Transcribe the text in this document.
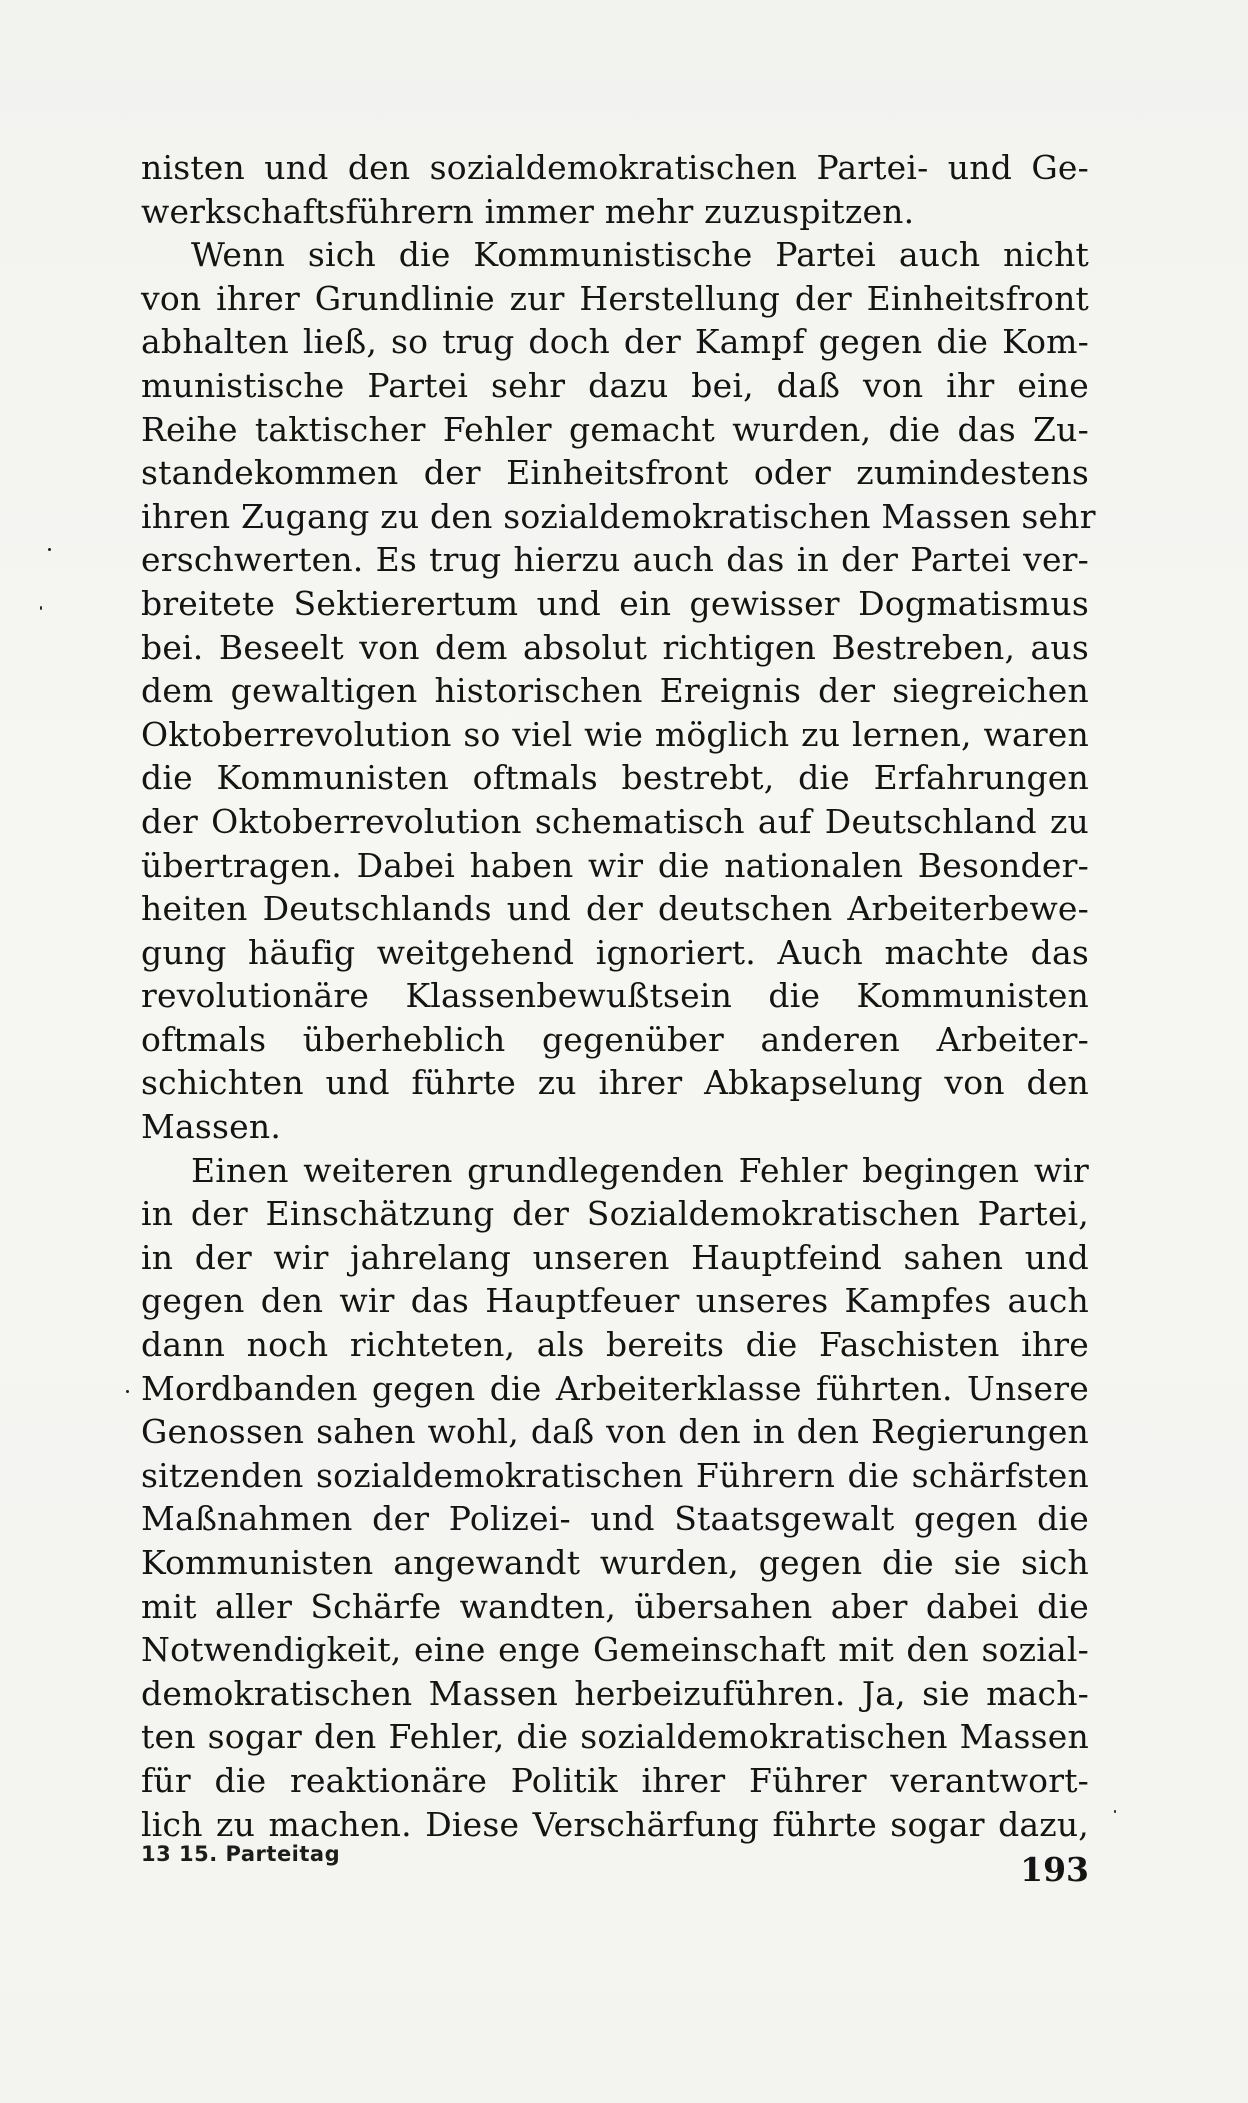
nisten und den sozialdemokratischen Partei- und Ge-
werkschaftsführern immer mehr zuzuspitzen.

Wenn sich die Kommunistische Partei auch nicht
von ihrer Grundlinie zur Herstellung der Einheitsfront
abhalten ließ, so trug doch der Kampf gegen die Kom-
munistische Partei sehr dazu bei, daß von ihr eine
Reihe taktischer Fehler gemacht wurden, die das Zu-
standekommen der Einheitsfront oder zumindestens
ihren Zugang zu den sozialdemokratischen Massen sehr
erschwerten. Es trug hierzu auch das in der Partei ver-
breitete Sektierertum und ein gewisser Dogmatismus
bei. Beseelt von dem absolut richtigen Bestreben, aus
dem gewaltigen historischen Ereignis der siegreichen
Oktoberrevolution so viel wie möglich zu lernen, waren
die Kommunisten oftmals bestrebt, die Erfahrungen
der Oktoberrevolution schematisch auf Deutschland zu
übertragen. Dabei haben wir die nationalen Besonder-
heiten Deutschlands und der deutschen Arbeiterbewe-
gung häufig weitgehend ignoriert. Auch machte das
revolutionäre Klassenbewußtsein die Kommunisten
oftmals überheblich gegenüber anderen Arbeiter-
schichten und führte zu ihrer Abkapselung von den
Massen.

Einen weiteren grundlegenden Fehler begingen wir
in der Einschätzung der Sozialdemokratischen Partei,
in der wir jahrelang unseren Hauptfeind sahen und
gegen den wir das Hauptfeuer unseres Kampfes auch
dann noch richteten, als bereits die Faschisten ihre
Mordbanden gegen die Arbeiterklasse führten. Unsere
Genossen sahen wohl, daß von den in den Regierungen
sitzenden sozialdemokratischen Führern die schärfsten
Maßnahmen der Polizei- und Staatsgewalt gegen die
Kommunisten angewandt wurden, gegen die sie sich
mit aller Schärfe wandten, übersahen aber dabei die
Notwendigkeit, eine enge Gemeinschaft mit den sozial-
demokratischen Massen herbeizuführen. Ja, sie mach-
ten sogar den Fehler, die sozialdemokratischen Massen
für die reaktionäre Politik ihrer Führer verantwort-
lich zu machen. Diese Verschärfung führte sogar dazu,

13 15. Parteitag	193
